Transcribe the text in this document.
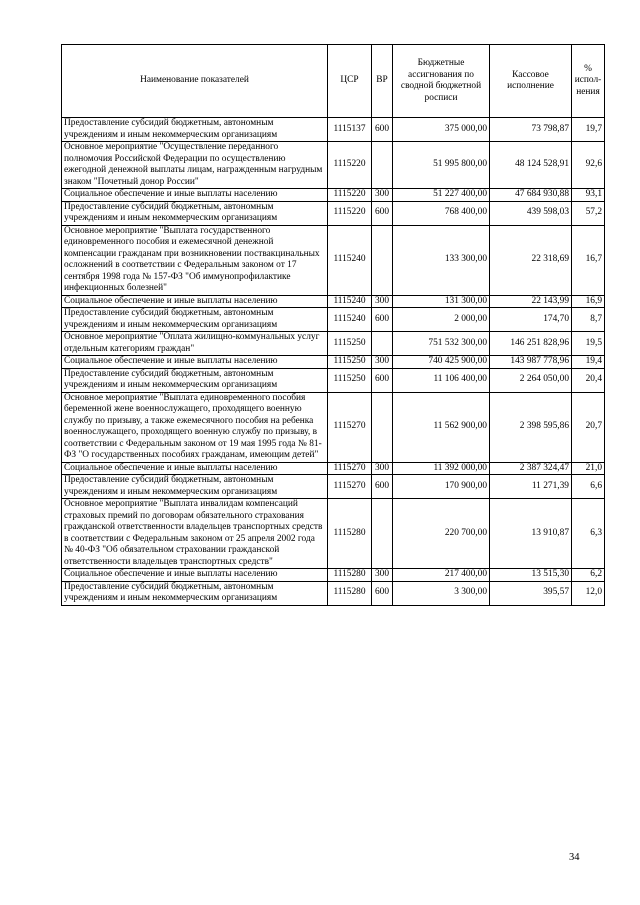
Наименование показателей	ЦСР	ВР	Бюджетные ассигнования по сводной бюджетной росписи	Кассовое исполнение	% испол-нения
Предоставление субсидий бюджетным, автономным учреждениям и иным некоммерческим организациям	1115137	600	375 000,00	73 798,87	19,7
Основное мероприятие "Осуществление переданного полномочия Российской Федерации по осуществлению ежегодной денежной выплаты лицам, награжденным нагрудным знаком "Почетный донор России"	1115220		51 995 800,00	48 124 528,91	92,6
Социальное обеспечение и иные выплаты населению	1115220	300	51 227 400,00	47 684 930,88	93,1
Предоставление субсидий бюджетным, автономным учреждениям и иным некоммерческим организациям	1115220	600	768 400,00	439 598,03	57,2
Основное мероприятие "Выплата государственного единовременного пособия и ежемесячной денежной компенсации гражданам при возникновении поствакцинальных осложнений в соответствии с Федеральным законом от 17 сентября 1998 года № 157-ФЗ "Об иммунопрофилактике инфекционных болезней"	1115240		133 300,00	22 318,69	16,7
Социальное обеспечение и иные выплаты населению	1115240	300	131 300,00	22 143,99	16,9
Предоставление субсидий бюджетным, автономным учреждениям и иным некоммерческим организациям	1115240	600	2 000,00	174,70	8,7
Основное мероприятие "Оплата жилищно-коммунальных услуг отдельным категориям граждан"	1115250		751 532 300,00	146 251 828,96	19,5
Социальное обеспечение и иные выплаты населению	1115250	300	740 425 900,00	143 987 778,96	19,4
Предоставление субсидий бюджетным, автономным учреждениям и иным некоммерческим организациям	1115250	600	11 106 400,00	2 264 050,00	20,4
Основное мероприятие "Выплата единовременного пособия беременной жене военнослужащего, проходящего военную службу по призыву, а также ежемесячного пособия на ребенка военнослужащего, проходящего военную службу по призыву, в соответствии с Федеральным законом от 19 мая 1995 года № 81-ФЗ "О государственных пособиях гражданам, имеющим детей"	1115270		11 562 900,00	2 398 595,86	20,7
Социальное обеспечение и иные выплаты населению	1115270	300	11 392 000,00	2 387 324,47	21,0
Предоставление субсидий бюджетным, автономным учреждениям и иным некоммерческим организациям	1115270	600	170 900,00	11 271,39	6,6
Основное мероприятие "Выплата инвалидам компенсаций страховых премий по договорам обязательного страхования гражданской ответственности владельцев транспортных средств в соответствии с Федеральным законом от 25 апреля 2002 года № 40-ФЗ "Об обязательном страховании гражданской ответственности владельцев транспортных средств"	1115280		220 700,00	13 910,87	6,3
Социальное обеспечение и иные выплаты населению	1115280	300	217 400,00	13 515,30	6,2
Предоставление субсидий бюджетным, автономным учреждениям и иным некоммерческим организациям	1115280	600	3 300,00	395,57	12,0
34
